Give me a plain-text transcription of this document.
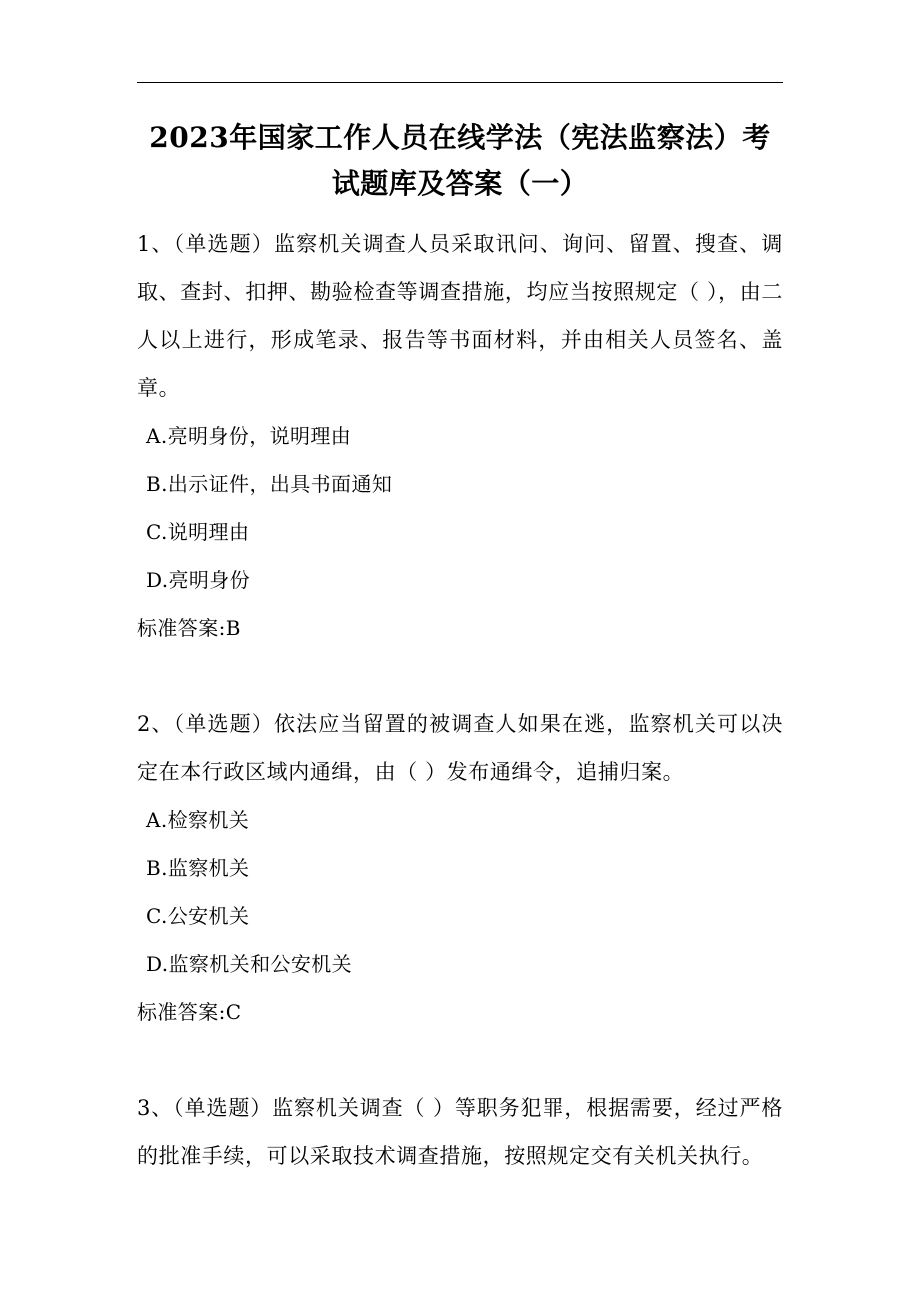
2023年国家工作人员在线学法（宪法监察法）考试题库及答案（一）

1、（单选题）监察机关调查人员采取讯问、询问、留置、搜查、调取、查封、扣押、勘验检查等调查措施，均应当按照规定（ ），由二人以上进行，形成笔录、报告等书面材料，并由相关人员签名、盖章。

A.亮明身份，说明理由

B.出示证件，出具书面通知

C.说明理由

D.亮明身份

标准答案:B

2、（单选题）依法应当留置的被调查人如果在逃，监察机关可以决定在本行政区域内通缉，由（ ）发布通缉令，追捕归案。

A.检察机关

B.监察机关

C.公安机关

D.监察机关和公安机关

标准答案:C

3、（单选题）监察机关调查（ ）等职务犯罪，根据需要，经过严格的批准手续，可以采取技术调查措施，按照规定交有关机关执行。
